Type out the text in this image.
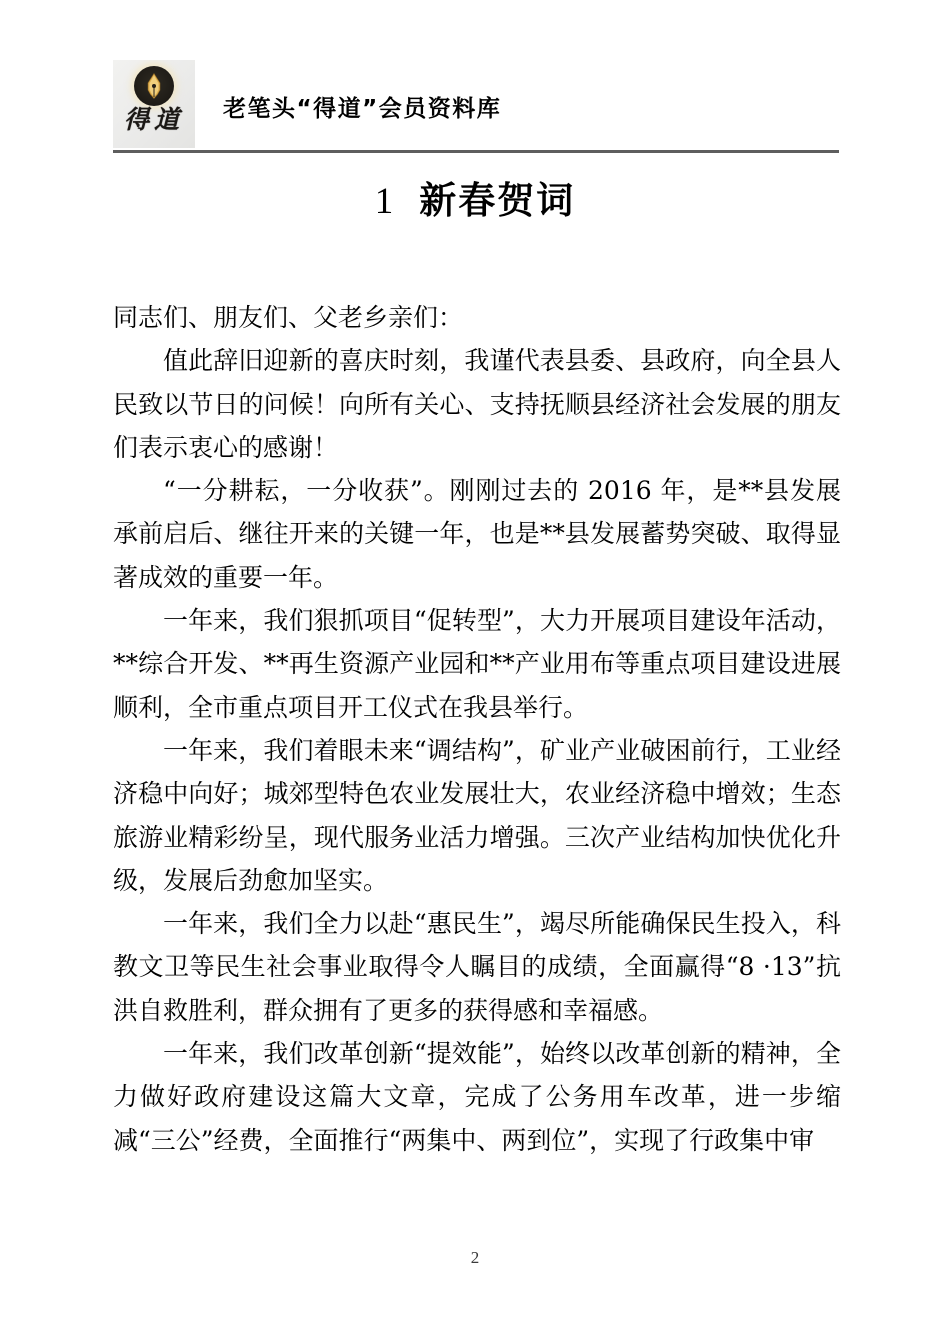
得道	老笔头“得道”会员资料库
1 新春贺词

同志们、朋友们、父老乡亲们：

值此辞旧迎新的喜庆时刻，我谨代表县委、县政府，向全县人民致以节日的问候！向所有关心、支持抚顺县经济社会发展的朋友们表示衷心的感谢！

“一分耕耘，一分收获”。刚刚过去的 2016 年，是**县发展承前启后、继往开来的关键一年，也是**县发展蓄势突破、取得显著成效的重要一年。

一年来，我们狠抓项目“促转型”，大力开展项目建设年活动，**综合开发、**再生资源产业园和**产业用布等重点项目建设进展顺利，全市重点项目开工仪式在我县举行。

一年来，我们着眼未来“调结构”，矿业产业破困前行，工业经济稳中向好；城郊型特色农业发展壮大，农业经济稳中增效；生态旅游业精彩纷呈，现代服务业活力增强。三次产业结构加快优化升级，发展后劲愈加坚实。

一年来，我们全力以赴“惠民生”，竭尽所能确保民生投入，科教文卫等民生社会事业取得令人瞩目的成绩，全面赢得“8 ·13”抗洪自救胜利，群众拥有了更多的获得感和幸福感。

一年来，我们改革创新“提效能”，始终以改革创新的精神，全力做好政府建设这篇大文章，完成了公务用车改革，进一步缩减“三公”经费，全面推行“两集中、两到位”，实现了行政集中审

2
